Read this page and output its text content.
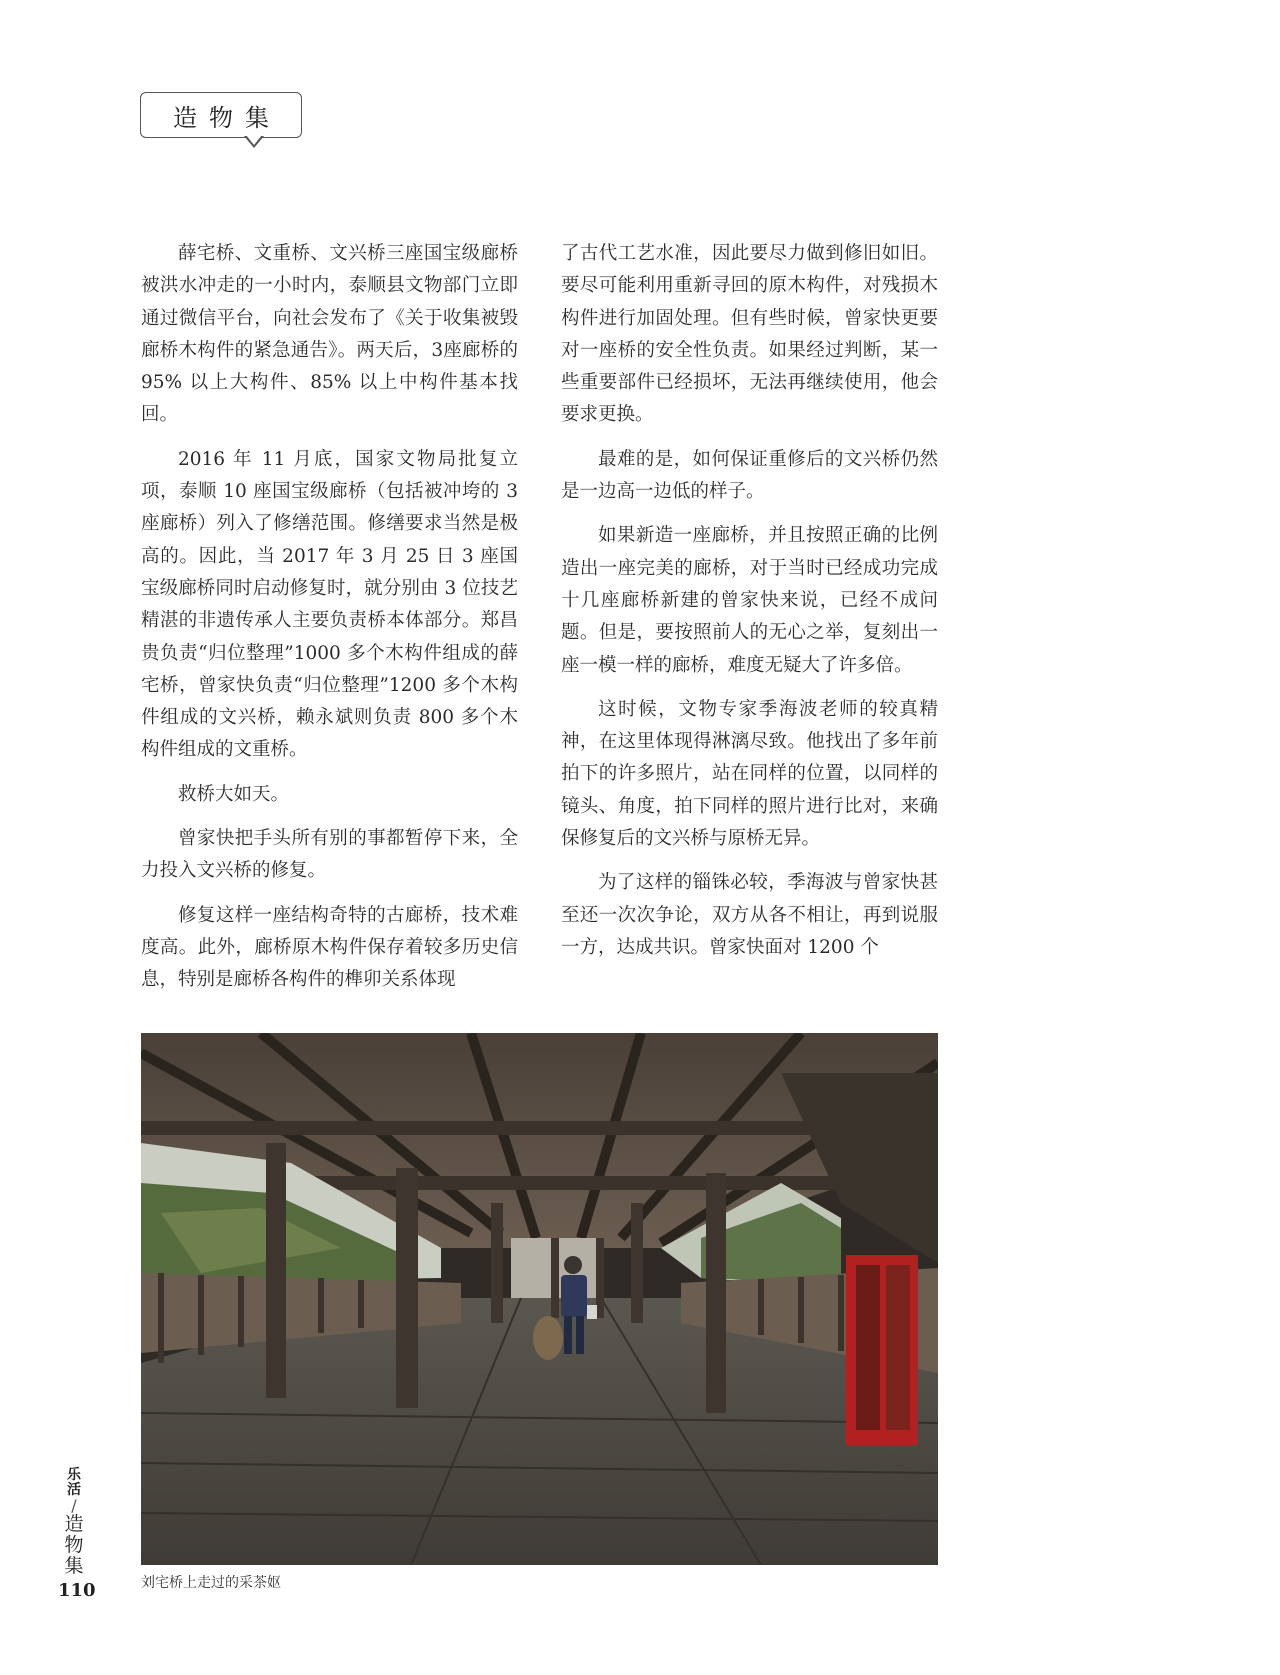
造物集

薛宅桥、文重桥、文兴桥三座国宝级廊桥被洪水冲走的一小时内，泰顺县文物部门立即通过微信平台，向社会发布了《关于收集被毁廊桥木构件的紧急通告》。两天后，3座廊桥的 95% 以上大构件、85% 以上中构件基本找回。

2016 年 11 月底，国家文物局批复立项，泰顺 10 座国宝级廊桥（包括被冲垮的 3 座廊桥）列入了修缮范围。修缮要求当然是极高的。因此，当 2017 年 3 月 25 日 3 座国宝级廊桥同时启动修复时，就分别由 3 位技艺精湛的非遗传承人主要负责桥本体部分。郑昌贵负责“归位整理”1000 多个木构件组成的薛宅桥，曾家快负责“归位整理”1200 多个木构件组成的文兴桥，赖永斌则负责 800 多个木构件组成的文重桥。

救桥大如天。

曾家快把手头所有别的事都暂停下来，全力投入文兴桥的修复。

修复这样一座结构奇特的古廊桥，技术难度高。此外，廊桥原木构件保存着较多历史信息，特别是廊桥各构件的榫卯关系体现

了古代工艺水准，因此要尽力做到修旧如旧。要尽可能利用重新寻回的原木构件，对残损木构件进行加固处理。但有些时候，曾家快更要对一座桥的安全性负责。如果经过判断，某一些重要部件已经损坏，无法再继续使用，他会要求更换。

最难的是，如何保证重修后的文兴桥仍然是一边高一边低的样子。

如果新造一座廊桥，并且按照正确的比例造出一座完美的廊桥，对于当时已经成功完成十几座廊桥新建的曾家快来说，已经不成问题。但是，要按照前人的无心之举，复刻出一座一模一样的廊桥，难度无疑大了许多倍。

这时候，文物专家季海波老师的较真精神，在这里体现得淋漓尽致。他找出了多年前拍下的许多照片，站在同样的位置，以同样的镜头、角度，拍下同样的照片进行比对，来确保修复后的文兴桥与原桥无异。

为了这样的锱铢必较，季海波与曾家快甚至还一次次争论，双方从各不相让，再到说服一方，达成共识。曾家快面对 1200 个

刘宅桥上走过的采茶妪
乐活
/
造物集
110
